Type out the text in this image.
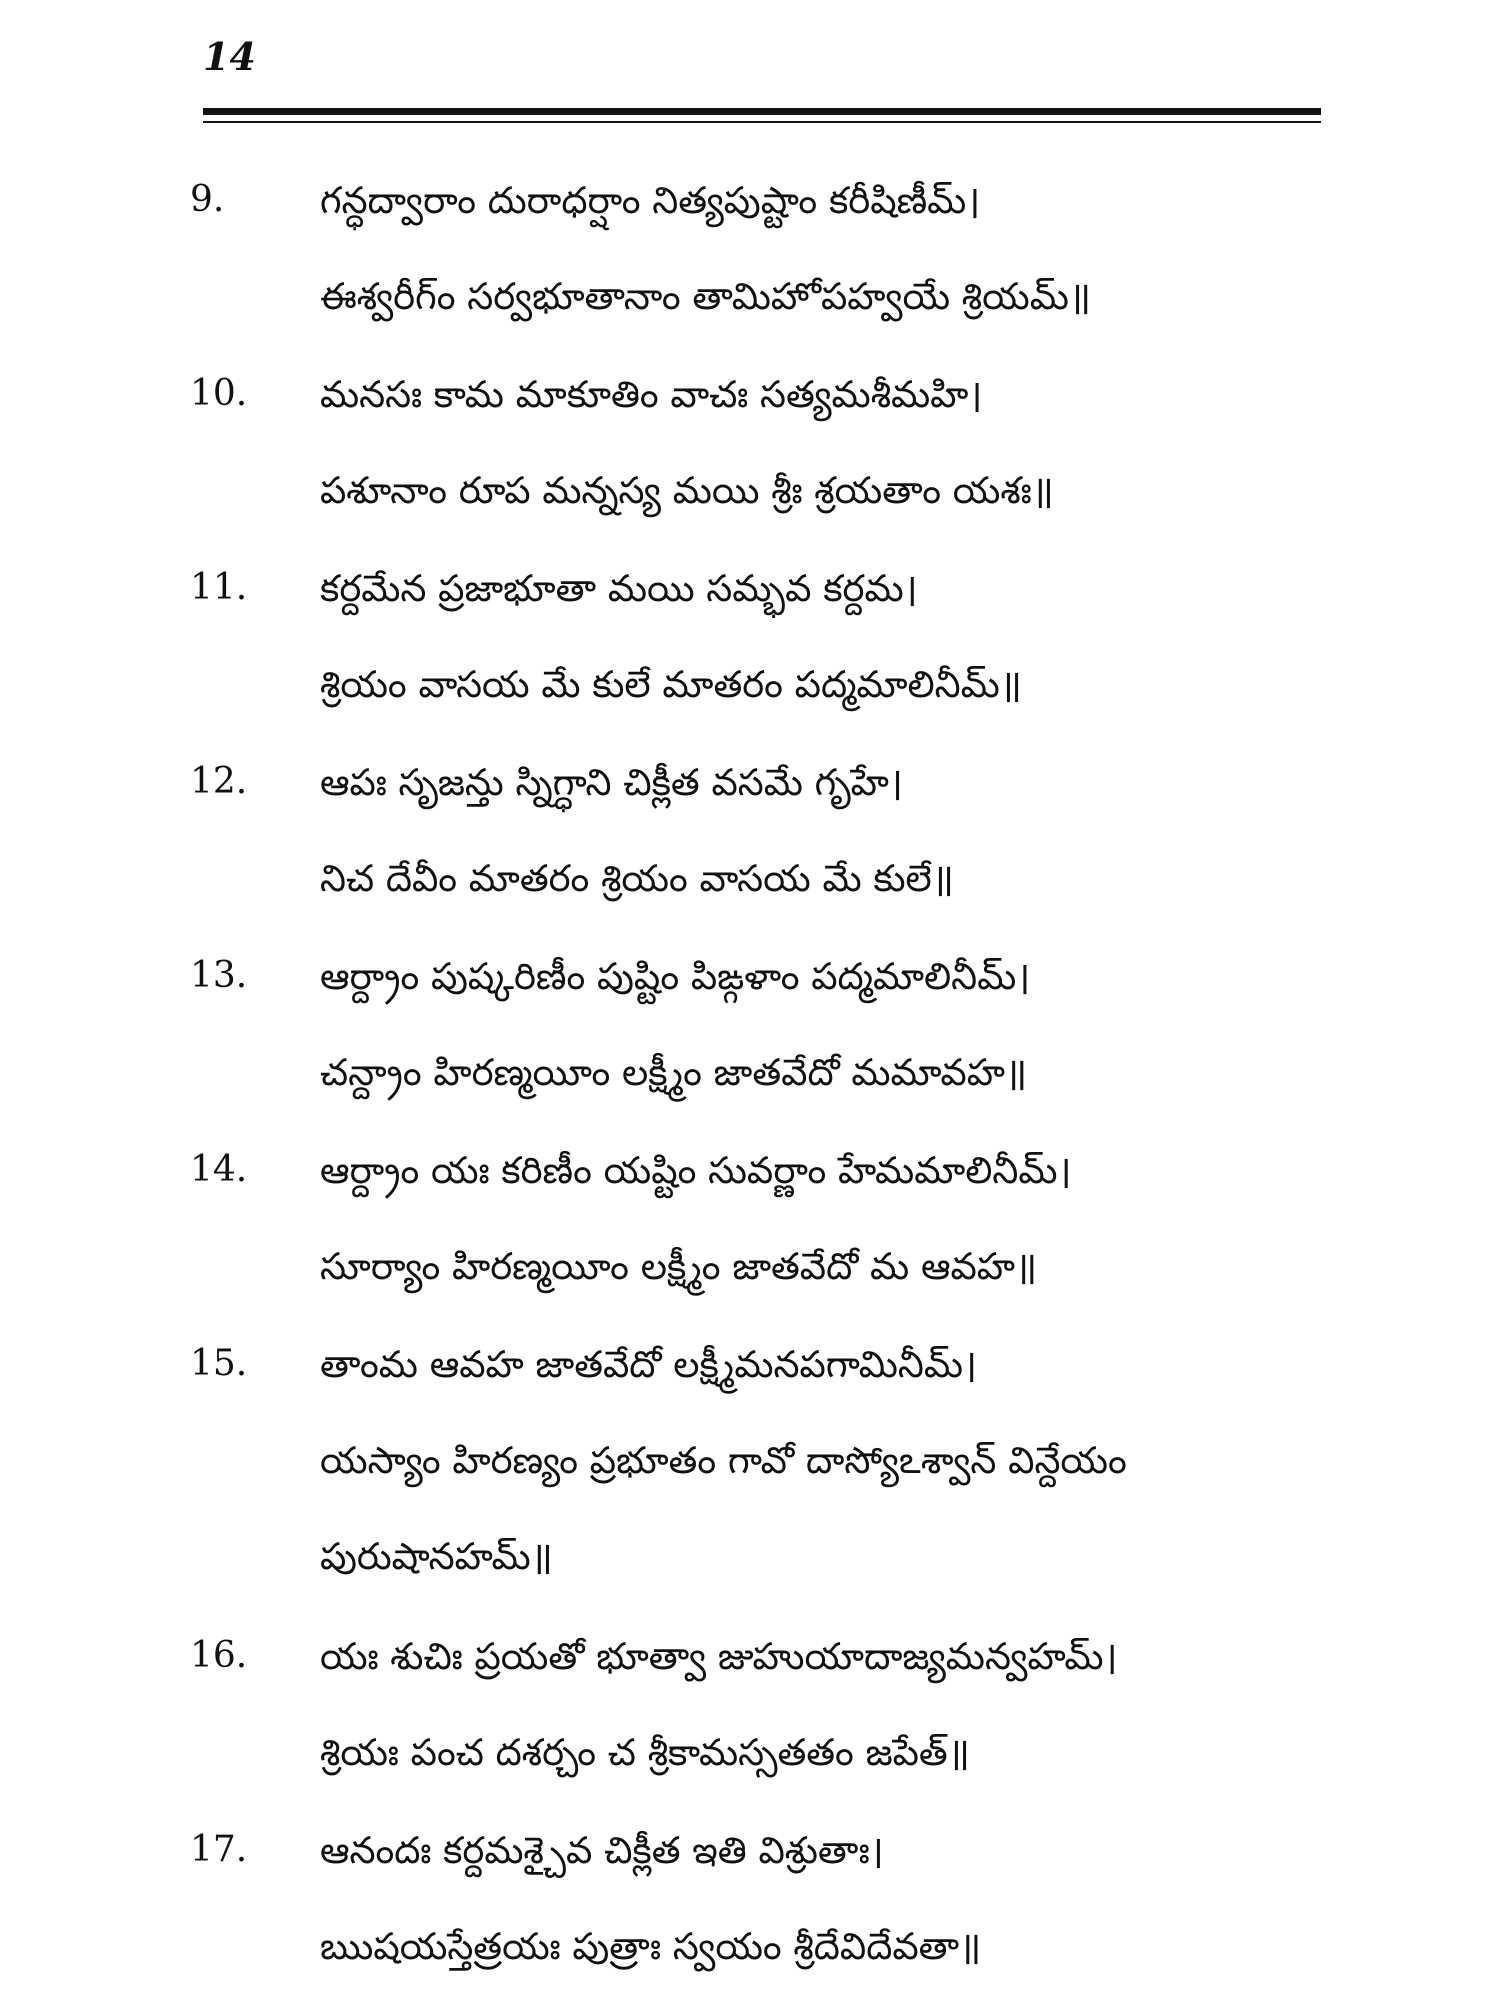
14
9.	గన్ధద్వారాం దురాధర్షాం నిత్యపుష్టాం కరీషిణీమ్।
ఈశ్వరీగ్ం సర్వభూతానాం తామిహోపహ్వయే శ్రియమ్॥
10.	మనసః కామ మాకూతిం వాచః సత్యమశీమహి।
పశూనాం రూప మన్నస్య మయి శ్రీః శ్రయతాం యశః॥
11.	కర్దమేన ప్రజాభూతా మయి సమ్భవ కర్దమ।
శ్రియం వాసయ మే కులే మాతరం పద్మమాలినీమ్॥
12.	ఆపః సృజన్తు స్నిగ్ధాని చిక్లీత వసమే గృహే।
నిచ దేవీం మాతరం శ్రియం వాసయ మే కులే॥
13.	ఆర్ద్రాం పుష్కరిణీం పుష్టిం పిఙ్గళాం పద్మమాలినీమ్।
చన్ద్రాం హిరణ్మయీం లక్ష్మీం జాతవేదో మమావహ॥
14.	ఆర్ద్రాం యః కరిణీం యష్టిం సువర్ణాం హేమమాలినీమ్।
సూర్యాం హిరణ్మయీం లక్ష్మీం జాతవేదో మ ఆవహ॥
15.	తాంమ ఆవహ జాతవేదో లక్ష్మీమనపగామినీమ్।
యస్యాం హిరణ్యం ప్రభూతం గావో దాస్యోఽశ్వాన్ విన్దేయం
పురుషానహమ్॥
16.	యః శుచిః ప్రయతో భూత్వా జుహుయాదాజ్యమన్వహమ్।
శ్రియః పంచ దశర్చం చ శ్రీకామస్సతతం జపేత్॥
17.	ఆనందః కర్దమశ్చైవ చిక్లీత ఇతి విశ్రుతాః।
ఋషయస్తేత్రయః పుత్రాః స్వయం శ్రీదేవిదేవతా॥
